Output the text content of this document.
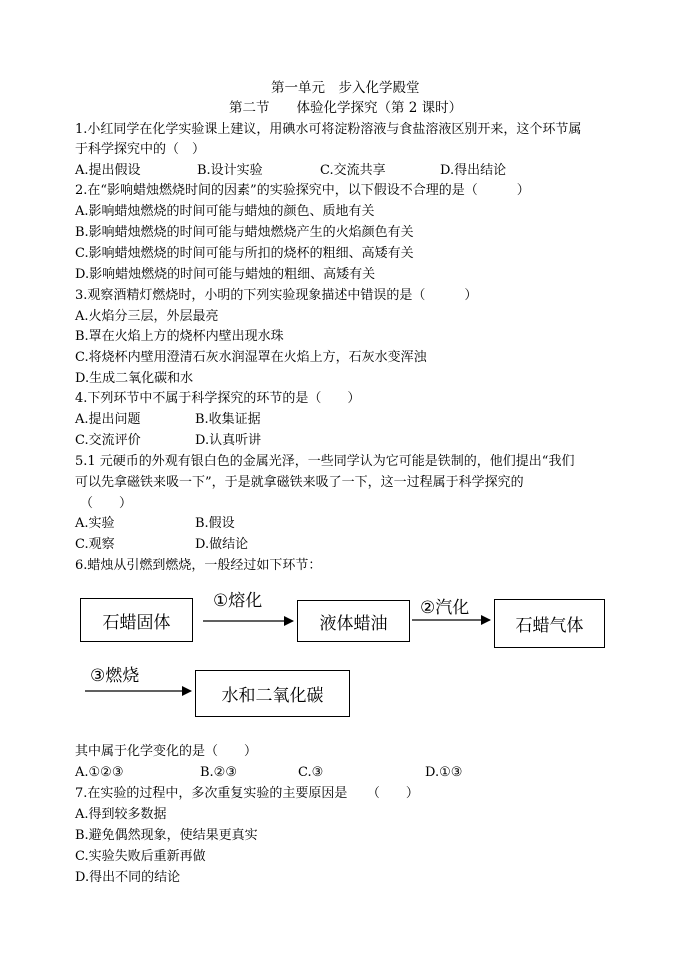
第一单元　步入化学殿堂
第二节　　体验化学探究（第 2 课时）
1.小红同学在化学实验课上建议，用碘水可将淀粉溶液与食盐溶液区别开来，这个环节属
于科学探究中的（　）
A.提出假设	B.设计实验	C.交流共享	D.得出结论
2.在“影响蜡烛燃烧时间的因素”的实验探究中，以下假设不合理的是（　　　）
A.影响蜡烛燃烧的时间可能与蜡烛的颜色、质地有关
B.影响蜡烛燃烧的时间可能与蜡烛燃烧产生的火焰颜色有关
C.影响蜡烛燃烧的时间可能与所扣的烧杯的粗细、高矮有关
D.影响蜡烛燃烧的时间可能与蜡烛的粗细、高矮有关
3.观察酒精灯燃烧时，小明的下列实验现象描述中错误的是（　　　）
A.火焰分三层，外层最亮
B.罩在火焰上方的烧杯内壁出现水珠
C.将烧杯内壁用澄清石灰水润湿罩在火焰上方，石灰水变浑浊
D.生成二氧化碳和水
4.下列环节中不属于科学探究的环节的是（　　）
A.提出问题	B.收集证据
C.交流评价	D.认真听讲
5.1 元硬币的外观有银白色的金属光泽，一些同学认为它可能是铁制的，他们提出“我们
可以先拿磁铁来吸一下”，于是就拿磁铁来吸了一下，这一过程属于科学探究的
（　　）
A.实验	B.假设
C.观察	D.做结论
6.蜡烛从引燃到燃烧，一般经过如下环节：
石蜡固体	液体蜡油	石蜡气体
水和二氧化碳
①熔化	②汽化
③燃烧
其中属于化学变化的是（　　）
A.①②③	B.②③	C.③	D.①③
7.在实验的过程中，多次重复实验的主要原因是　　（　　）
A.得到较多数据
B.避免偶然现象，使结果更真实
C.实验失败后重新再做
D.得出不同的结论
